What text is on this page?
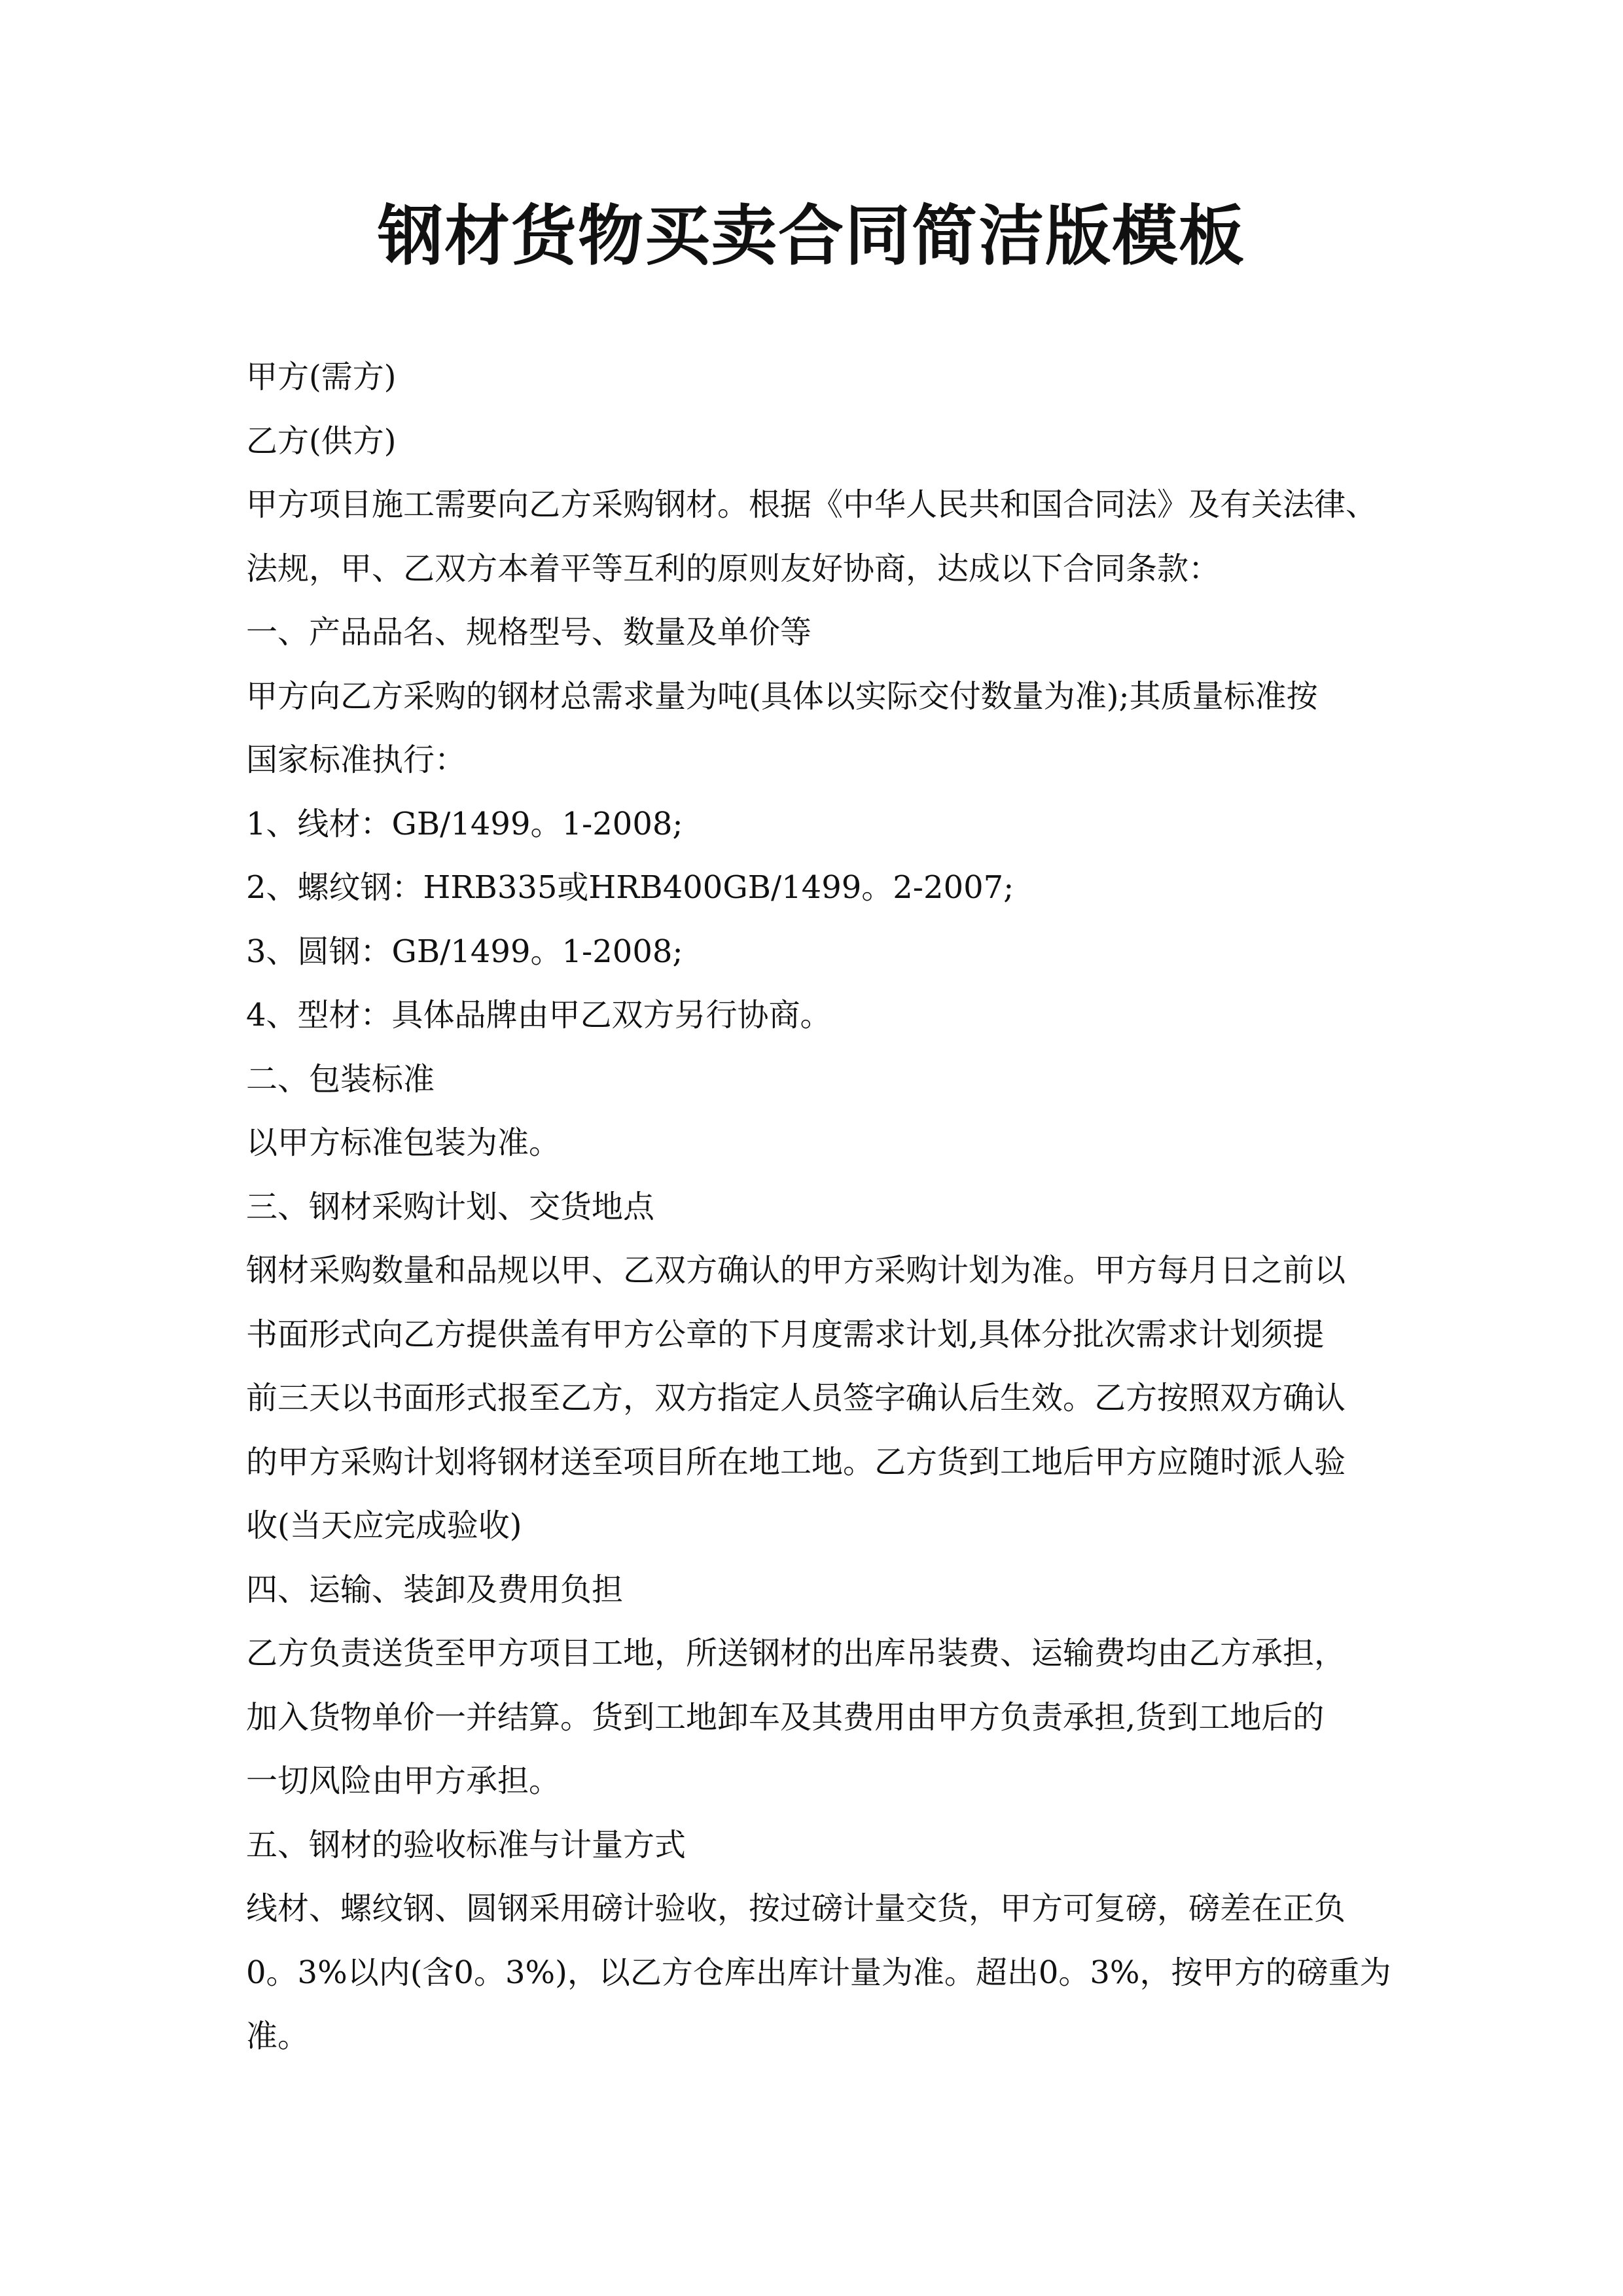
钢材货物买卖合同简洁版模板
甲方(需方)
乙方(供方)
甲方项目施工需要向乙方采购钢材。根据《中华人民共和国合同法》及有关法律、
法规，甲、乙双方本着平等互利的原则友好协商，达成以下合同条款：
一、产品品名、规格型号、数量及单价等
甲方向乙方采购的钢材总需求量为吨(具体以实际交付数量为准);其质量标准按
国家标准执行：
1、线材：GB/1499。1-2008;
2、螺纹钢：HRB335或HRB400GB/1499。2-2007;
3、圆钢：GB/1499。1-2008;
4、型材：具体品牌由甲乙双方另行协商。
二、包装标准
以甲方标准包装为准。
三、钢材采购计划、交货地点
钢材采购数量和品规以甲、乙双方确认的甲方采购计划为准。甲方每月日之前以
书面形式向乙方提供盖有甲方公章的下月度需求计划,具体分批次需求计划须提
前三天以书面形式报至乙方，双方指定人员签字确认后生效。乙方按照双方确认
的甲方采购计划将钢材送至项目所在地工地。乙方货到工地后甲方应随时派人验
收(当天应完成验收)
四、运输、装卸及费用负担
乙方负责送货至甲方项目工地，所送钢材的出库吊装费、运输费均由乙方承担，
加入货物单价一并结算。货到工地卸车及其费用由甲方负责承担,货到工地后的
一切风险由甲方承担。
五、钢材的验收标准与计量方式
线材、螺纹钢、圆钢采用磅计验收，按过磅计量交货，甲方可复磅，磅差在正负
0。3%以内(含0。3%)，以乙方仓库出库计量为准。超出0。3%，按甲方的磅重为
准。
